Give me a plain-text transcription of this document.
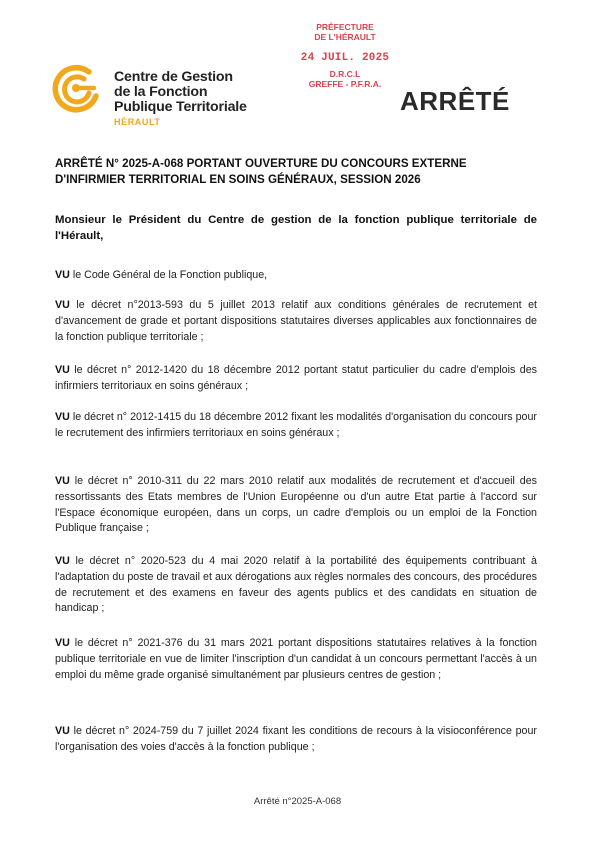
Centre de Gestion
de la Fonction
Publique Territoriale
HÉRAULT
PRÉFECTURE
DE L'HÉRAULT
24 JUIL. 2025
D.R.C.L
GREFFE - P.F.R.A.
ARRÊTÉ
ARRÊTÉ N° 2025-A-068 PORTANT OUVERTURE DU CONCOURS EXTERNE
D'INFIRMIER TERRITORIAL EN SOINS GÉNÉRAUX, SESSION 2026
Monsieur le Président du Centre de gestion de la fonction publique territoriale de l'Hérault,
VU le Code Général de la Fonction publique,
VU le décret n°2013-593 du 5 juillet 2013 relatif aux conditions générales de recrutement et d'avancement de grade et portant dispositions statutaires diverses applicables aux fonctionnaires de la fonction publique territoriale ;
VU le décret n° 2012-1420 du 18 décembre 2012 portant statut particulier du cadre d'emplois des infirmiers territoriaux en soins généraux ;
VU le décret n° 2012-1415 du 18 décembre 2012 fixant les modalités d'organisation du concours pour le recrutement des infirmiers territoriaux en soins généraux ;
VU le décret n° 2010-311 du 22 mars 2010 relatif aux modalités de recrutement et d'accueil des ressortissants des Etats membres de l'Union Européenne ou d'un autre Etat partie à l'accord sur l'Espace économique européen, dans un corps, un cadre d'emplois ou un emploi de la Fonction Publique française ;
VU le décret n° 2020-523 du 4 mai 2020 relatif à la portabilité des équipements contribuant à l'adaptation du poste de travail et aux dérogations aux règles normales des concours, des procédures de recrutement et des examens en faveur des agents publics et des candidats en situation de handicap ;
VU le décret n° 2021-376 du 31 mars 2021 portant dispositions statutaires relatives à la fonction publique territoriale en vue de limiter l'inscription d'un candidat à un concours permettant l'accès à un emploi du même grade organisé simultanément par plusieurs centres de gestion ;
VU le décret n° 2024-759 du 7 juillet 2024 fixant les conditions de recours à la visioconférence pour l'organisation des voies d'accès à la fonction publique ;
Arrêté n°2025-A-068
